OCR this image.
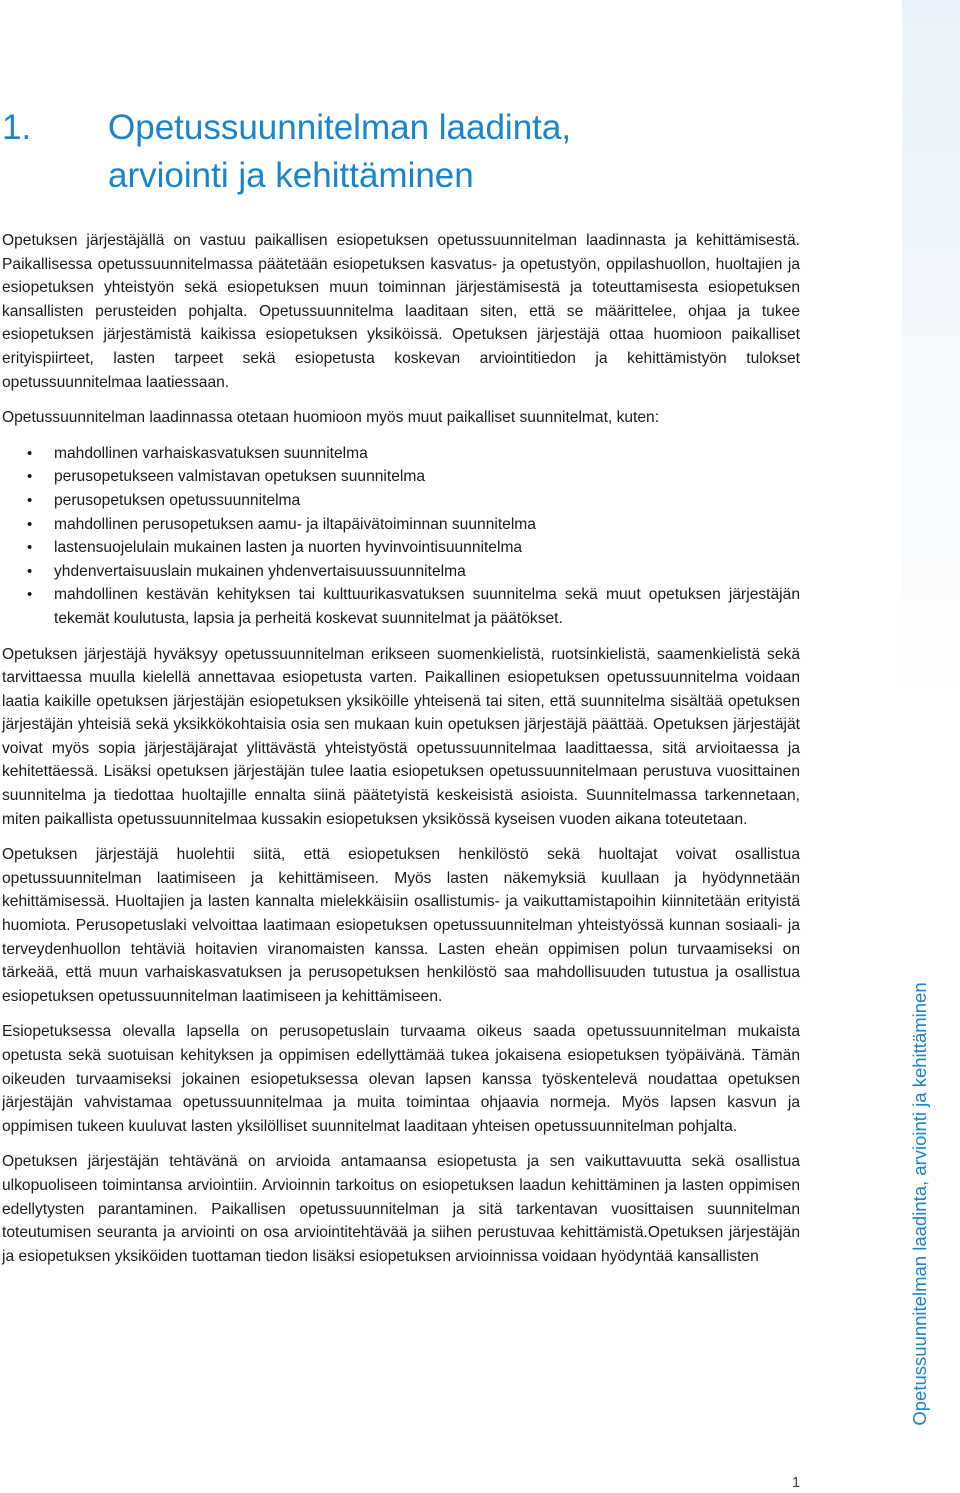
1. Opetussuunnitelman laadinta,
arviointi ja kehittäminen

Opetuksen järjestäjällä on vastuu paikallisen esiopetuksen opetussuunnitelman laadinnasta ja kehittämisestä. Paikallisessa opetussuunnitelmassa päätetään esiopetuksen kasvatus- ja opetustyön, oppilashuollon, huoltajien ja esiopetuksen yhteistyön sekä esiopetuksen muun toiminnan järjestämisestä ja toteuttamisesta esiopetuksen kansallisten perusteiden pohjalta. Opetussuunnitelma laaditaan siten, että se määrittelee, ohjaa ja tukee esiopetuksen järjestämistä kaikissa esiopetuksen yksiköissä. Opetuksen järjestäjä ottaa huomioon paikalliset erityispiirteet, lasten tarpeet sekä esiopetusta koskevan arviointitiedon ja kehittämistyön tulokset opetussuunnitelmaa laatiessaan.

Opetussuunnitelman laadinnassa otetaan huomioon myös muut paikalliset suunnitelmat, kuten:

• mahdollinen varhaiskasvatuksen suunnitelma
• perusopetukseen valmistavan opetuksen suunnitelma
• perusopetuksen opetussuunnitelma
• mahdollinen perusopetuksen aamu- ja iltapäivätoiminnan suunnitelma
• lastensuojelulain mukainen lasten ja nuorten hyvinvointisuunnitelma
• yhdenvertaisuuslain mukainen yhdenvertaisuussuunnitelma
• mahdollinen kestävän kehityksen tai kulttuurikasvatuksen suunnitelma sekä muut opetuksen järjestäjän tekemät koulutusta, lapsia ja perheitä koskevat suunnitelmat ja päätökset.

Opetuksen järjestäjä hyväksyy opetussuunnitelman erikseen suomenkielistä, ruotsinkielistä, saamenkielistä sekä tarvittaessa muulla kielellä annettavaa esiopetusta varten. Paikallinen esiopetuksen opetussuunnitelma voidaan laatia kaikille opetuksen järjestäjän esiopetuksen yksiköille yhteisenä tai siten, että suunnitelma sisältää opetuksen järjestäjän yhteisiä sekä yksikkökohtaisia osia sen mukaan kuin opetuksen järjestäjä päättää. Opetuksen järjestäjät voivat myös sopia järjestäjärajat ylittävästä yhteistyöstä opetussuunnitelmaa laadittaessa, sitä arvioitaessa ja kehitettäessä. Lisäksi opetuksen järjestäjän tulee laatia esiopetuksen opetussuunnitelmaan perustuva vuosittainen suunnitelma ja tiedottaa huoltajille ennalta siinä päätetyistä keskeisistä asioista. Suunnitelmassa tarkennetaan, miten paikallista opetussuunnitelmaa kussakin esiopetuksen yksikössä kyseisen vuoden aikana toteutetaan.

Opetuksen järjestäjä huolehtii siitä, että esiopetuksen henkilöstö sekä huoltajat voivat osallistua opetussuunnitelman laatimiseen ja kehittämiseen. Myös lasten näkemyksiä kuullaan ja hyödynnetään kehittämisessä. Huoltajien ja lasten kannalta mielekkäisiin osallistumis- ja vaikuttamistapoihin kiinnitetään erityistä huomiota. Perusopetuslaki velvoittaa laatimaan esiopetuksen opetussuunnitelman yhteistyössä kunnan sosiaali- ja terveydenhuollon tehtäviä hoitavien viranomaisten kanssa. Lasten eheän oppimisen polun turvaamiseksi on tärkeää, että muun varhaiskasvatuksen ja perusopetuksen henkilöstö saa mahdollisuuden tutustua ja osallistua esiopetuksen opetussuunnitelman laatimiseen ja kehittämiseen.

Esiopetuksessa olevalla lapsella on perusopetuslain turvaama oikeus saada opetussuunnitelman mukaista opetusta sekä suotuisan kehityksen ja oppimisen edellyttämää tukea jokaisena esiopetuksen työpäivänä. Tämän oikeuden turvaamiseksi jokainen esiopetuksessa olevan lapsen kanssa työskentelevä noudattaa opetuksen järjestäjän vahvistamaa opetussuunnitelmaa ja muita toimintaa ohjaavia normeja. Myös lapsen kasvun ja oppimisen tukeen kuuluvat lasten yksilölliset suunnitelmat laaditaan yhteisen opetussuunnitelman pohjalta.

Opetuksen järjestäjän tehtävänä on arvioida antamaansa esiopetusta ja sen vaikuttavuutta sekä osallistua ulkopuoliseen toimintansa arviointiin. Arvioinnin tarkoitus on esiopetuksen laadun kehittäminen ja lasten oppimisen edellytysten parantaminen. Paikallisen opetussuunnitelman ja sitä tarkentavan vuosittaisen suunnitelman toteutumisen seuranta ja arviointi on osa arviointitehtävää ja siihen perustuvaa kehittämistä.Opetuksen järjestäjän ja esiopetuksen yksiköiden tuottaman tiedon lisäksi esiopetuksen arvioinnissa voidaan hyödyntää kansallisten	Opetussuunnitelman laadinta, arviointi ja kehittäminen
1
